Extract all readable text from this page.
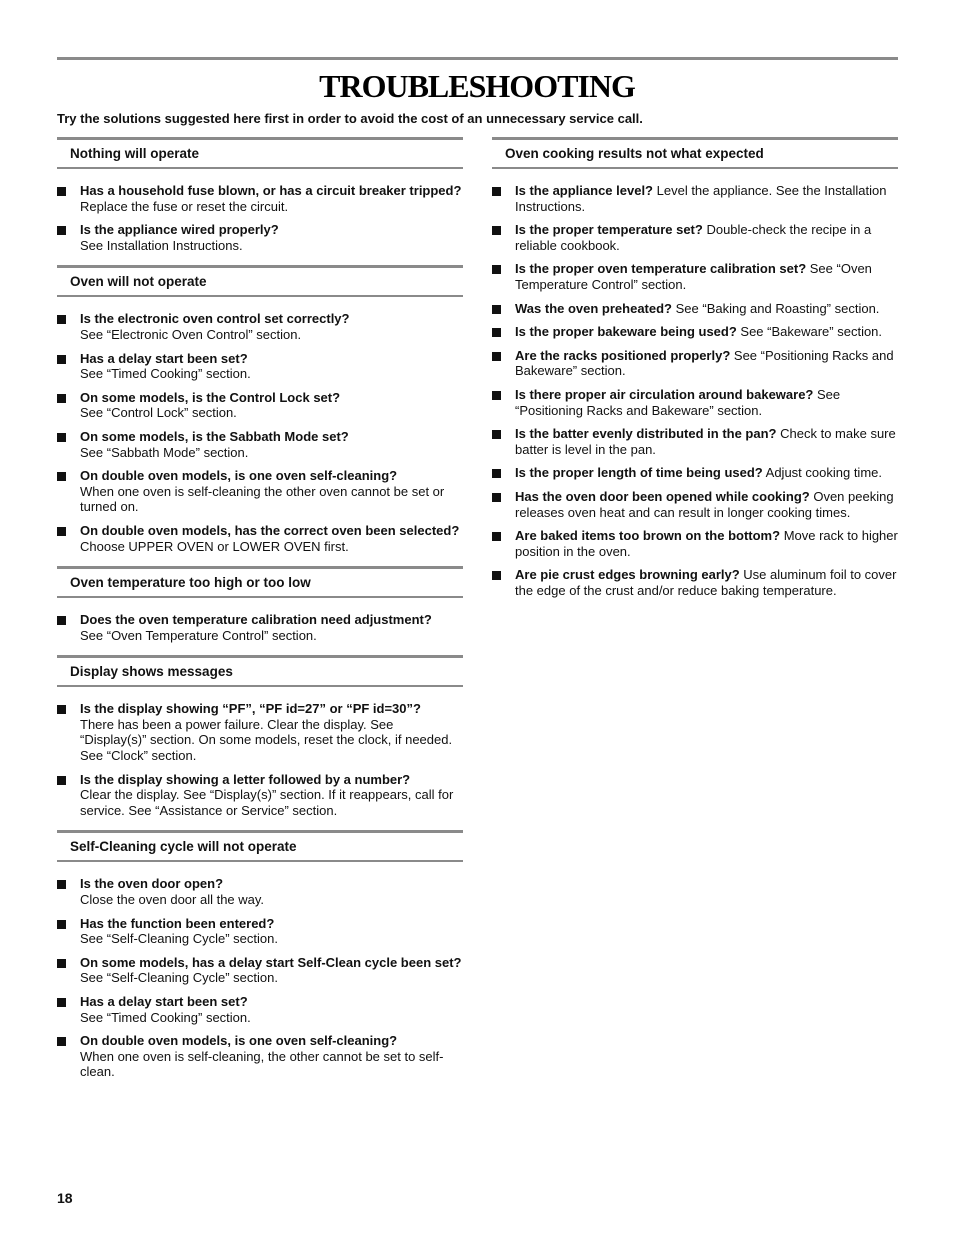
TROUBLESHOOTING

Try the solutions suggested here first in order to avoid the cost of an unnecessary service call.

Nothing will operate
Has a household fuse blown, or has a circuit breaker tripped?
Replace the fuse or reset the circuit.
Is the appliance wired properly?
See Installation Instructions.
Oven will not operate
Is the electronic oven control set correctly?
See “Electronic Oven Control” section.
Has a delay start been set?
See “Timed Cooking” section.
On some models, is the Control Lock set?
See “Control Lock” section.
On some models, is the Sabbath Mode set?
See “Sabbath Mode” section.
On double oven models, is one oven self-cleaning?
When one oven is self-cleaning the other oven cannot be set or turned on.
On double oven models, has the correct oven been selected?
Choose UPPER OVEN or LOWER OVEN first.
Oven temperature too high or too low
Does the oven temperature calibration need adjustment?
See “Oven Temperature Control” section.
Display shows messages
Is the display showing “PF”, “PF id=27” or “PF id=30”?
There has been a power failure. Clear the display. See “Display(s)” section. On some models, reset the clock, if needed. See “Clock” section.
Is the display showing a letter followed by a number?
Clear the display. See “Display(s)” section. If it reappears, call for service. See “Assistance or Service” section.
Self-Cleaning cycle will not operate
Is the oven door open?
Close the oven door all the way.
Has the function been entered?
See “Self-Cleaning Cycle” section.
On some models, has a delay start Self-Clean cycle been set?
See “Self-Cleaning Cycle” section.
Has a delay start been set?
See “Timed Cooking” section.
On double oven models, is one oven self-cleaning?
When one oven is self-cleaning, the other cannot be set to self-clean.
Oven cooking results not what expected
Is the appliance level? Level the appliance. See the Installation Instructions.
Is the proper temperature set? Double-check the recipe in a reliable cookbook.
Is the proper oven temperature calibration set? See “Oven Temperature Control” section.
Was the oven preheated? See “Baking and Roasting” section.
Is the proper bakeware being used? See “Bakeware” section.
Are the racks positioned properly? See “Positioning Racks and Bakeware” section.
Is there proper air circulation around bakeware? See “Positioning Racks and Bakeware” section.
Is the batter evenly distributed in the pan? Check to make sure batter is level in the pan.
Is the proper length of time being used? Adjust cooking time.
Has the oven door been opened while cooking? Oven peeking releases oven heat and can result in longer cooking times.
Are baked items too brown on the bottom? Move rack to higher position in the oven.
Are pie crust edges browning early? Use aluminum foil to cover the edge of the crust and/or reduce baking temperature.
18
